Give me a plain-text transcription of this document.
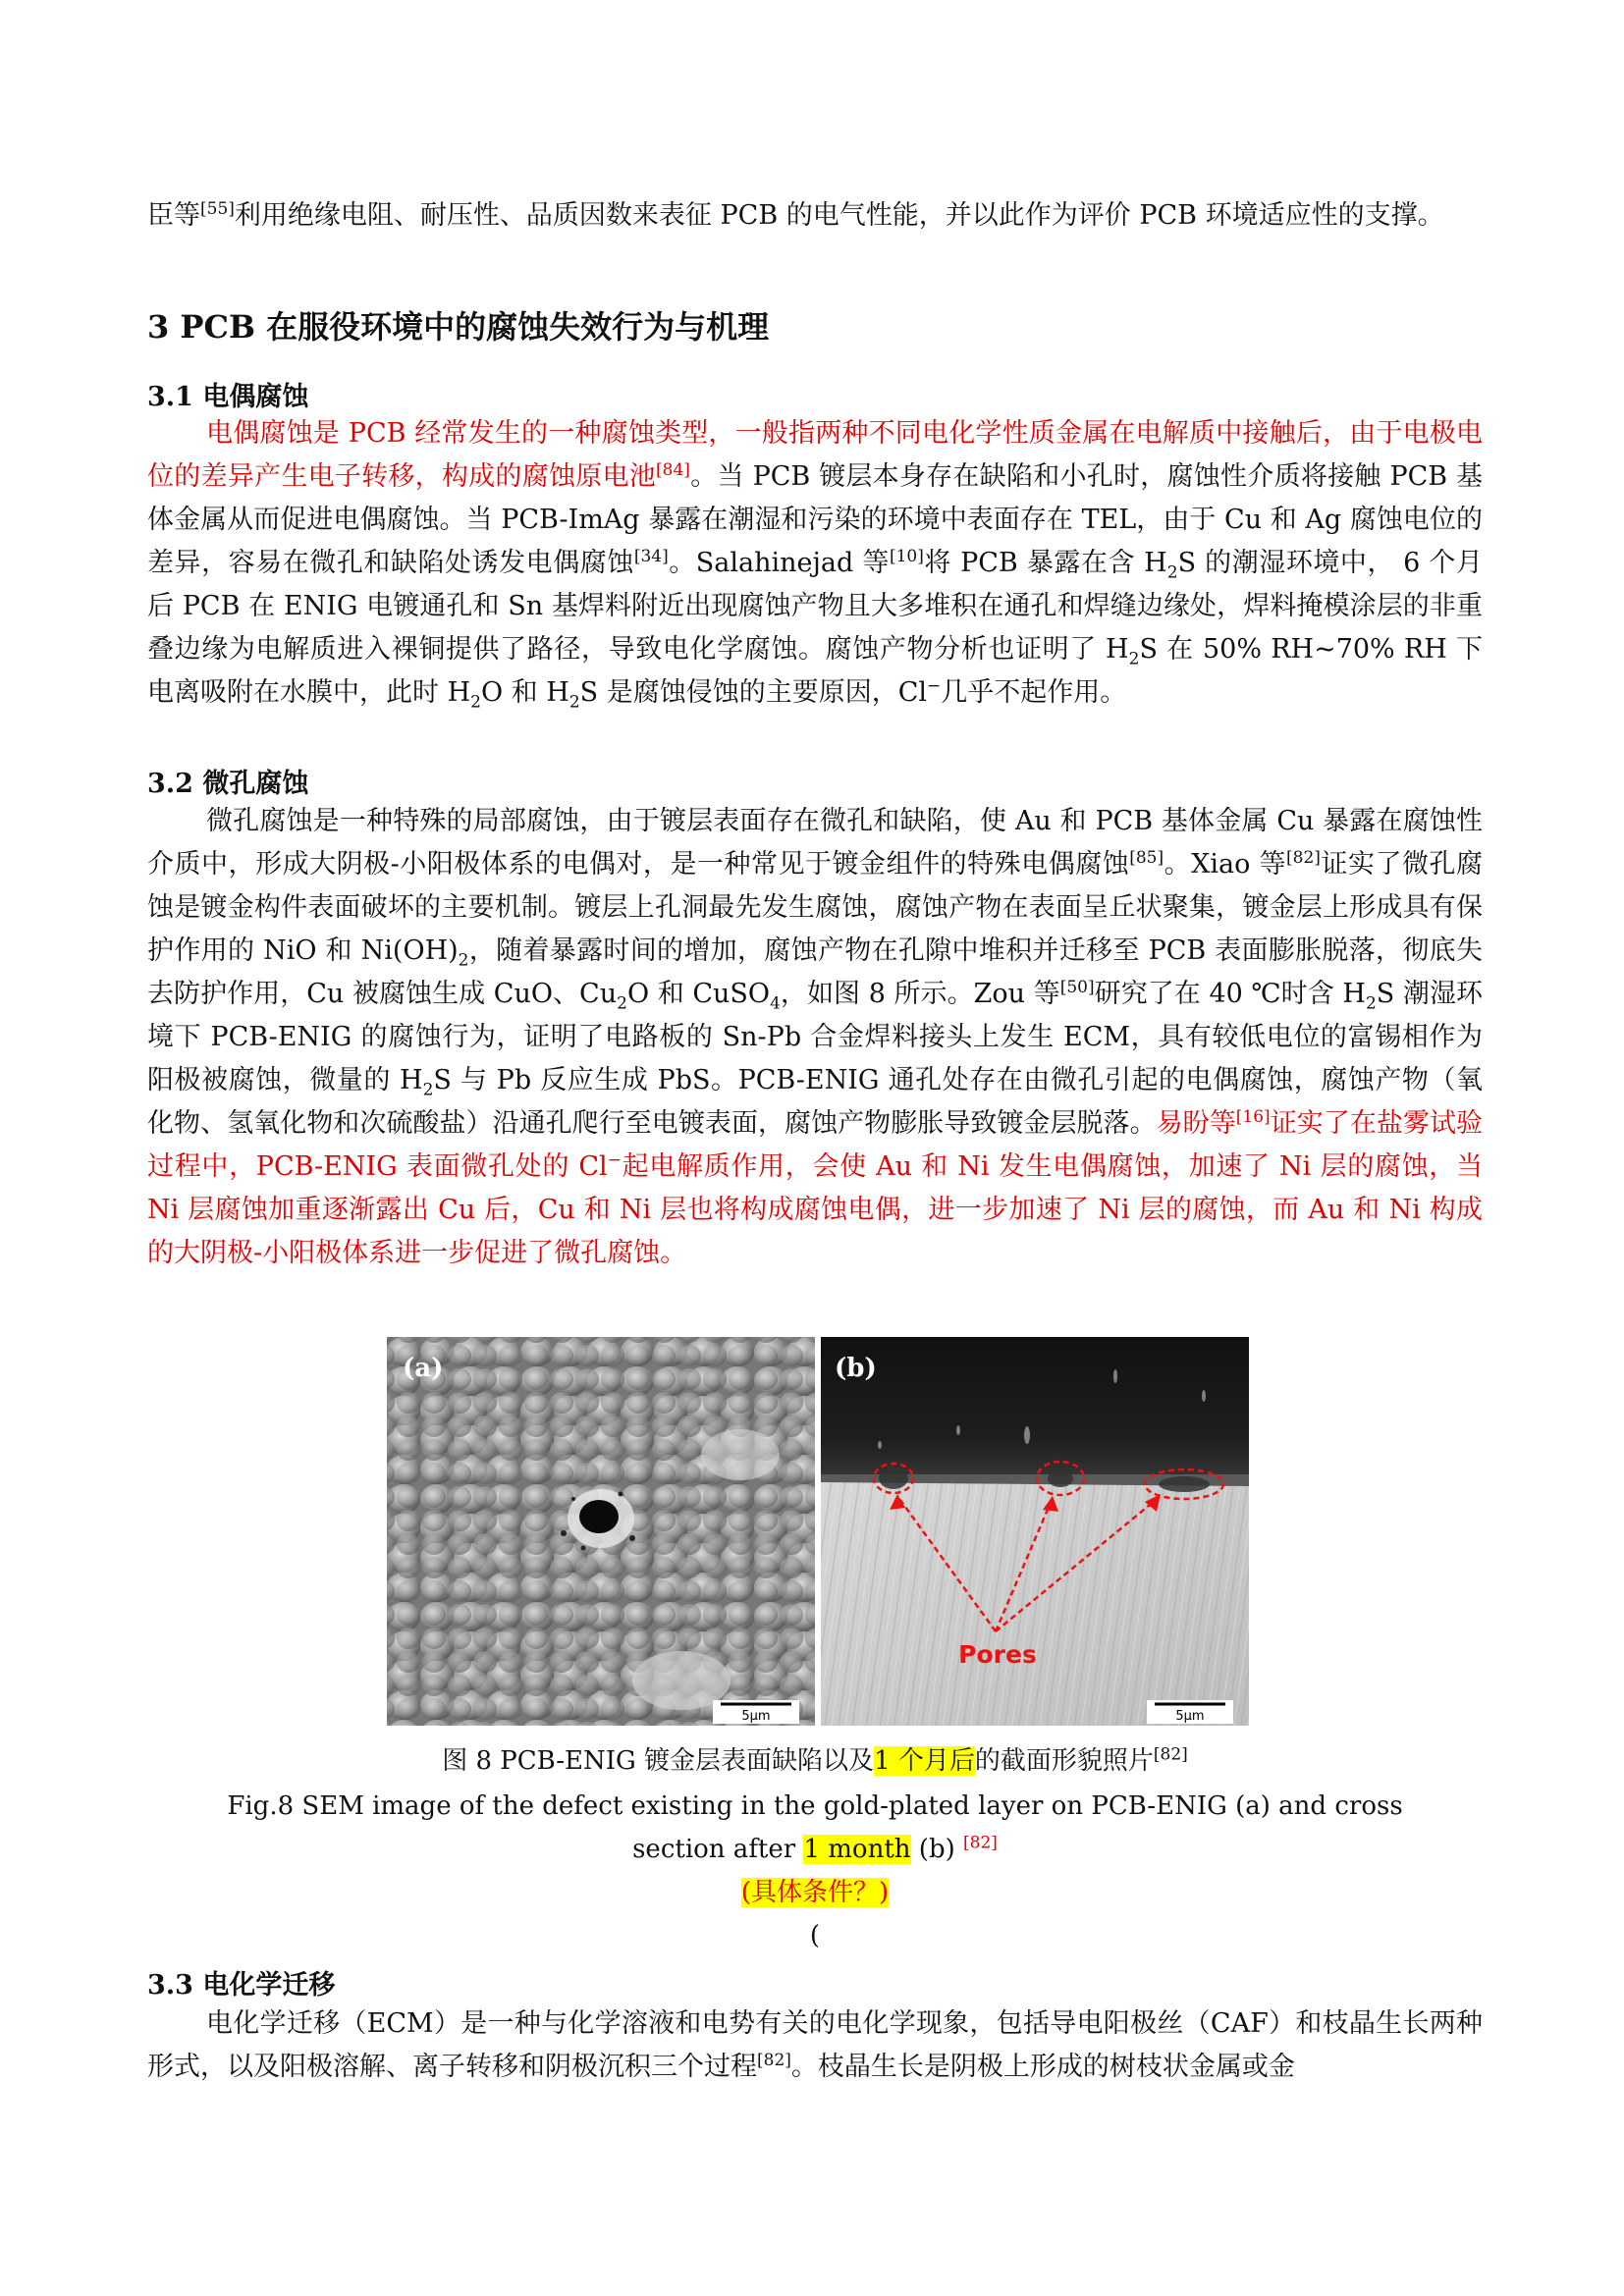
臣等[55]利用绝缘电阻、耐压性、品质因数来表征 PCB 的电气性能，并以此作为评价 PCB 环境适应性的支撑。

3 PCB 在服役环境中的腐蚀失效行为与机理
3.1 电偶腐蚀

电偶腐蚀是 PCB 经常发生的一种腐蚀类型，一般指两种不同电化学性质金属在电解质中接触后，由于电极电位的差异产生电子转移，构成的腐蚀原电池[84]。当 PCB 镀层本身存在缺陷和小孔时，腐蚀性介质将接触 PCB 基体金属从而促进电偶腐蚀。当 PCB-ImAg 暴露在潮湿和污染的环境中表面存在 TEL，由于 Cu 和 Ag 腐蚀电位的差异，容易在微孔和缺陷处诱发电偶腐蚀[34]。Salahinejad 等[10]将 PCB 暴露在含 $H_2S$ 的潮湿环境中， 6 个月后 PCB 在 ENIG 电镀通孔和 Sn 基焊料附近出现腐蚀产物且大多堆积在通孔和焊缝边缘处，焊料掩模涂层的非重叠边缘为电解质进入裸铜提供了路径，导致电化学腐蚀。腐蚀产物分析也证明了 $H_2S$ 在 50% RH~70% RH 下电离吸附在水膜中，此时 $H_2O$ 和 $H_2S$ 是腐蚀侵蚀的主要原因，Cl−几乎不起作用。

3.2 微孔腐蚀

微孔腐蚀是一种特殊的局部腐蚀，由于镀层表面存在微孔和缺陷，使 Au 和 PCB 基体金属 Cu 暴露在腐蚀性介质中，形成大阴极-小阳极体系的电偶对，是一种常见于镀金组件的特殊电偶腐蚀[85]。Xiao 等[82]证实了微孔腐蚀是镀金构件表面破坏的主要机制。镀层上孔洞最先发生腐蚀，腐蚀产物在表面呈丘状聚集，镀金层上形成具有保护作用的 NiO 和 $Ni(OH)_2$，随着暴露时间的增加，腐蚀产物在孔隙中堆积并迁移至 PCB 表面膨胀脱落，彻底失去防护作用，Cu 被腐蚀生成 CuO、$Cu_2O$ 和 CuSO$_4$，如图 8 所示。Zou 等[50]研究了在 40 ℃时含 $H_2S$ 潮湿环境下 PCB-ENIG 的腐蚀行为，证明了电路板的 Sn-Pb 合金焊料接头上发生 ECM，具有较低电位的富锡相作为阳极被腐蚀，微量的 $H_2S$ 与 Pb 反应生成 PbS。PCB-ENIG 通孔处存在由微孔引起的电偶腐蚀，腐蚀产物（氧化物、氢氧化物和次硫酸盐）沿通孔爬行至电镀表面，腐蚀产物膨胀导致镀金层脱落。易盼等[16]证实了在盐雾试验过程中，PCB-ENIG 表面微孔处的 Cl−起电解质作用，会使 Au 和 Ni 发生电偶腐蚀，加速了 Ni 层的腐蚀，当 Ni 层腐蚀加重逐渐露出 Cu 后，Cu 和 Ni 层也将构成腐蚀电偶，进一步加速了 Ni 层的腐蚀，而 Au 和 Ni 构成的大阴极-小阳极体系进一步促进了微孔腐蚀。

(a)
5μm
(b)
Pores
5μm

图 8 PCB-ENIG 镀金层表面缺陷以及1 个月后的截面形貌照片[82]

Fig.8 SEM image of the defect existing in the gold-plated layer on PCB-ENIG (a) and cross

section after 1 month (b) [82]

(具体条件？)

(

3.3 电化学迁移

电化学迁移（ECM）是一种与化学溶液和电势有关的电化学现象，包括导电阳极丝（CAF）和枝晶生长两种形式，以及阳极溶解、离子转移和阴极沉积三个过程[82]。枝晶生长是阴极上形成的树枝状金属或金
